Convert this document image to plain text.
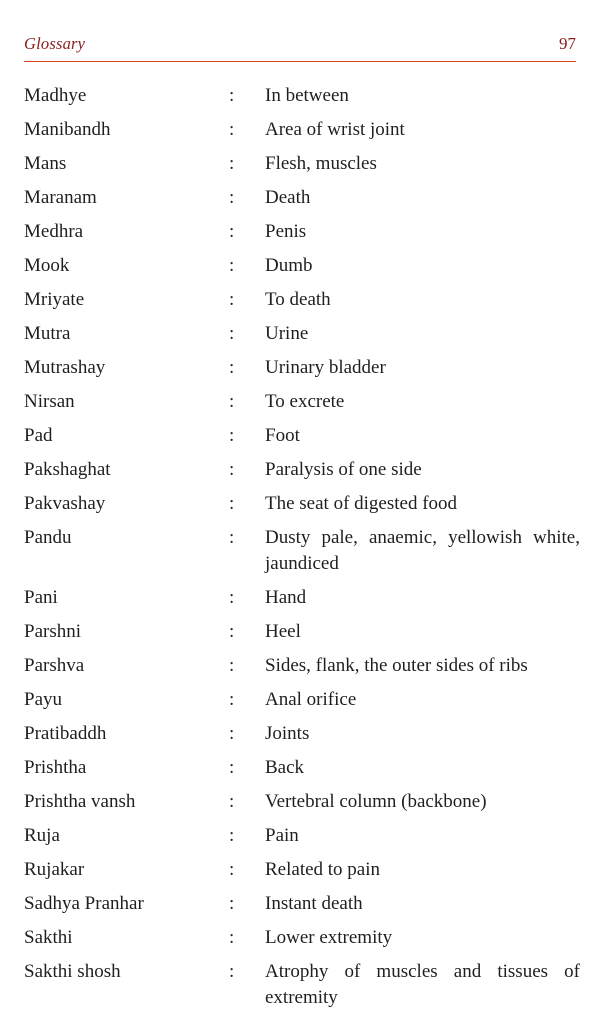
Glossary	97
Madhye	:	In between
Manibandh	:	Area of wrist joint
Mans	:	Flesh, muscles
Maranam	:	Death
Medhra	:	Penis
Mook	:	Dumb
Mriyate	:	To death
Mutra	:	Urine
Mutrashay	:	Urinary bladder
Nirsan	:	To excrete
Pad	:	Foot
Pakshaghat	:	Paralysis of one side
Pakvashay	:	The seat of digested food
Pandu	:	Dusty pale, anaemic, yellowish white, jaundiced
Pani	:	Hand
Parshni	:	Heel
Parshva	:	Sides, flank, the outer sides of ribs
Payu	:	Anal orifice
Pratibaddh	:	Joints
Prishtha	:	Back
Prishtha vansh	:	Vertebral column (backbone)
Ruja	:	Pain
Rujakar	:	Related to pain
Sadhya Pranhar	:	Instant death
Sakthi	:	Lower extremity
Sakthi shosh	:	Atrophy of muscles and tissues of extremity
